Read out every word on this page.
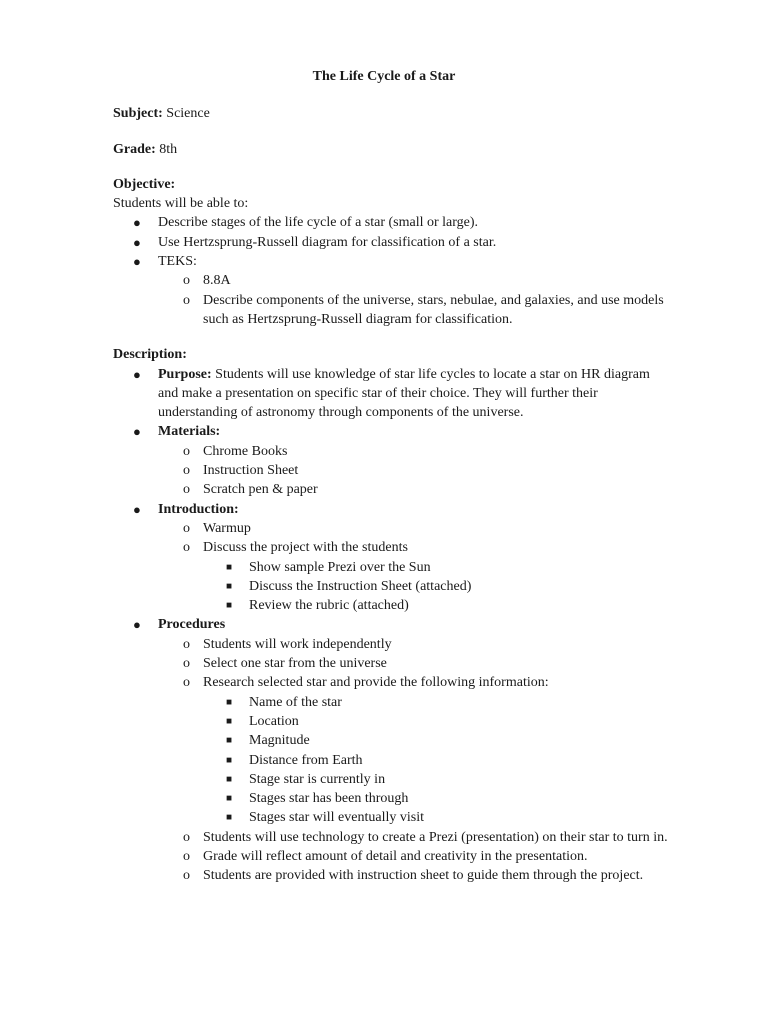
The Life Cycle of a Star
Subject: Science
Grade: 8th
Objective:
Students will be able to:
● Describe stages of the life cycle of a star (small or large).
● Use Hertzsprung-Russell diagram for classification of a star.
● TEKS:
o 8.8A
o Describe components of the universe, stars, nebulae, and galaxies, and use models such as Hertzsprung-Russell diagram for classification.
Description:
● Purpose: Students will use knowledge of star life cycles to locate a star on HR diagram and make a presentation on specific star of their choice. They will further their understanding of astronomy through components of the universe.
● Materials:
o Chrome Books
o Instruction Sheet
o Scratch pen & paper
● Introduction:
o Warmup
o Discuss the project with the students
■ Show sample Prezi over the Sun
■ Discuss the Instruction Sheet (attached)
■ Review the rubric (attached)
● Procedures
o Students will work independently
o Select one star from the universe
o Research selected star and provide the following information:
■ Name of the star
■ Location
■ Magnitude
■ Distance from Earth
■ Stage star is currently in
■ Stages star has been through
■ Stages star will eventually visit
o Students will use technology to create a Prezi (presentation) on their star to turn in.
o Grade will reflect amount of detail and creativity in the presentation.
o Students are provided with instruction sheet to guide them through the project.
